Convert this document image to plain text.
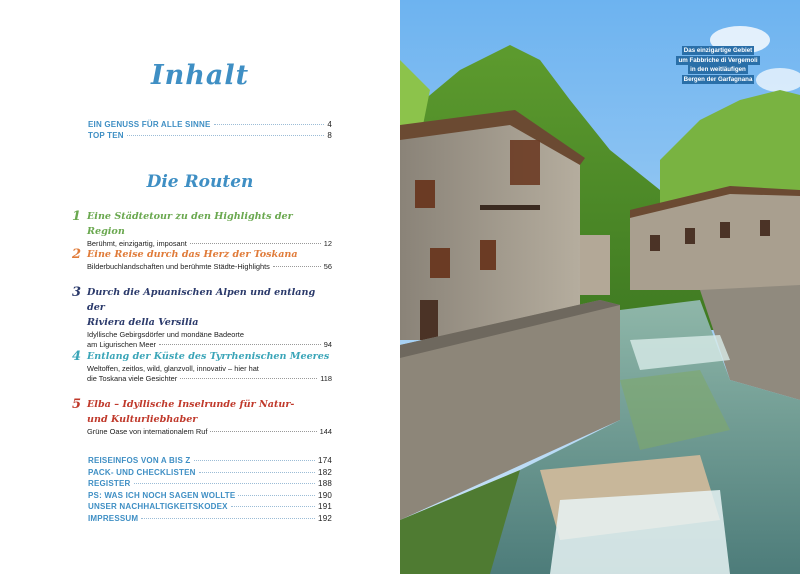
Inhalt
EIN GENUSS FÜR ALLE SINNE	4
TOP TEN	8
Die Routen
1 Eine Städtetour zu den Highlights der Region
Berühmt, einzigartig, imposant	12
2 Eine Reise durch das Herz der Toskana
Bilderbuchlandschaften und berühmte Städte-Highlights	56
3 Durch die Apuanischen Alpen und entlang der
Riviera della Versilia
Idyllische Gebirgsdörfer und mondäne Badeorte
am Ligurischen Meer	94
4 Entlang der Küste des Tyrrhenischen Meeres
Weltoffen, zeitlos, wild, glanzvoll, innovativ – hier hat
die Toskana viele Gesichter	118
5 Elba – Idyllische Inselrunde für Natur-
und Kulturliebhaber
Grüne Oase von internationalem Ruf	144
REISEINFOS VON A BIS Z	174
PACK- UND CHECKLISTEN	182
REGISTER	188
PS: WAS ICH NOCH SAGEN WOLLTE	190
UNSER NACHHALTIGKEITSKODEX	191
IMPRESSUM	192
Das einzigartige Gebiet
um Fabbriche di Vergemoli
in den weitläufigen
Bergen der Garfagnana
